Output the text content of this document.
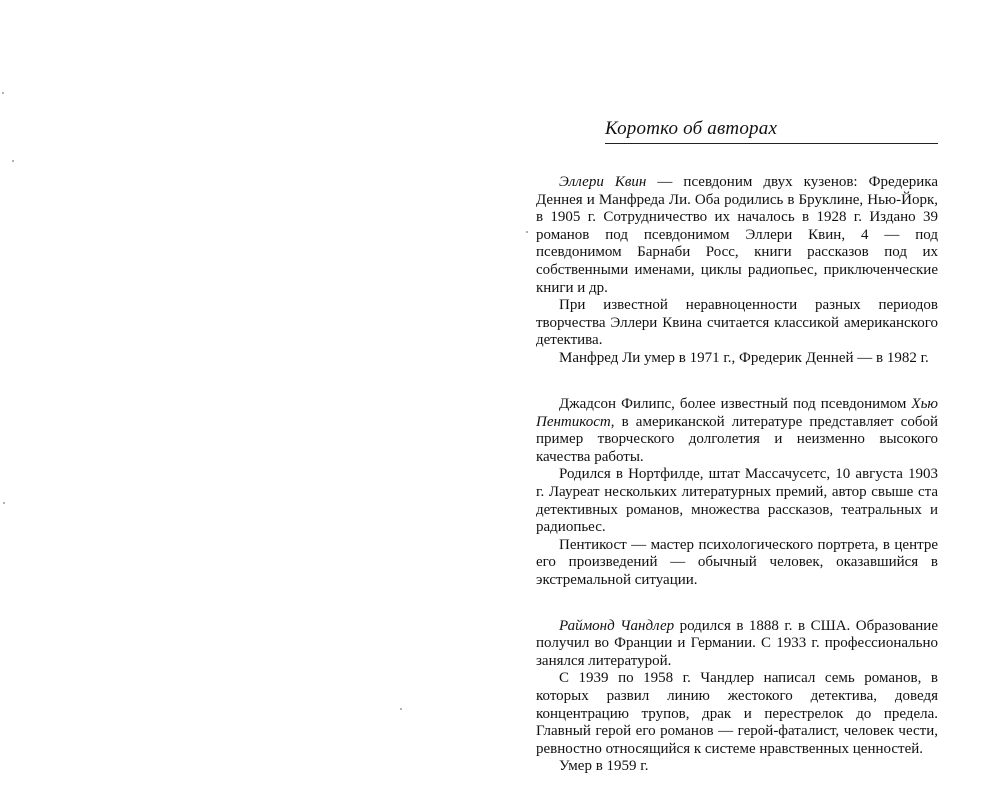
Коротко об авторах

Эллери Квин — псевдоним двух кузенов: Фредерика Деннея и Манфреда Ли. Оба родились в Бруклине, Нью-Йорк, в 1905 г. Сотрудничество их началось в 1928 г. Издано 39 романов под псевдонимом Эллери Квин, 4 — под псевдонимом Барнаби Росс, книги рассказов под их собственными именами, циклы радиопьес, приключенческие книги и др.

При известной неравноценности разных периодов творчества Эллери Квина считается классикой американского детектива.

Манфред Ли умер в 1971 г., Фредерик Денней — в 1982 г.

Джадсон Филипс, более известный под псевдонимом Хью Пентикост, в американской литературе представляет собой пример творческого долголетия и неизменно высокого качества работы.

Родился в Нортфилде, штат Массачусетс, 10 августа 1903 г. Лауреат нескольких литературных премий, автор свыше ста детективных романов, множества рассказов, театральных и радиопьес.

Пентикост — мастер психологического портрета, в центре его произведений — обычный человек, оказавшийся в экстремальной ситуации.

Раймонд Чандлер родился в 1888 г. в США. Образование получил во Франции и Германии. С 1933 г. профессионально занялся литературой.

С 1939 по 1958 г. Чандлер написал семь романов, в которых развил линию жестокого детектива, доведя концентрацию трупов, драк и перестрелок до предела. Главный герой его романов — герой-фаталист, человек чести, ревностно относящийся к системе нравственных ценностей.

Умер в 1959 г.
